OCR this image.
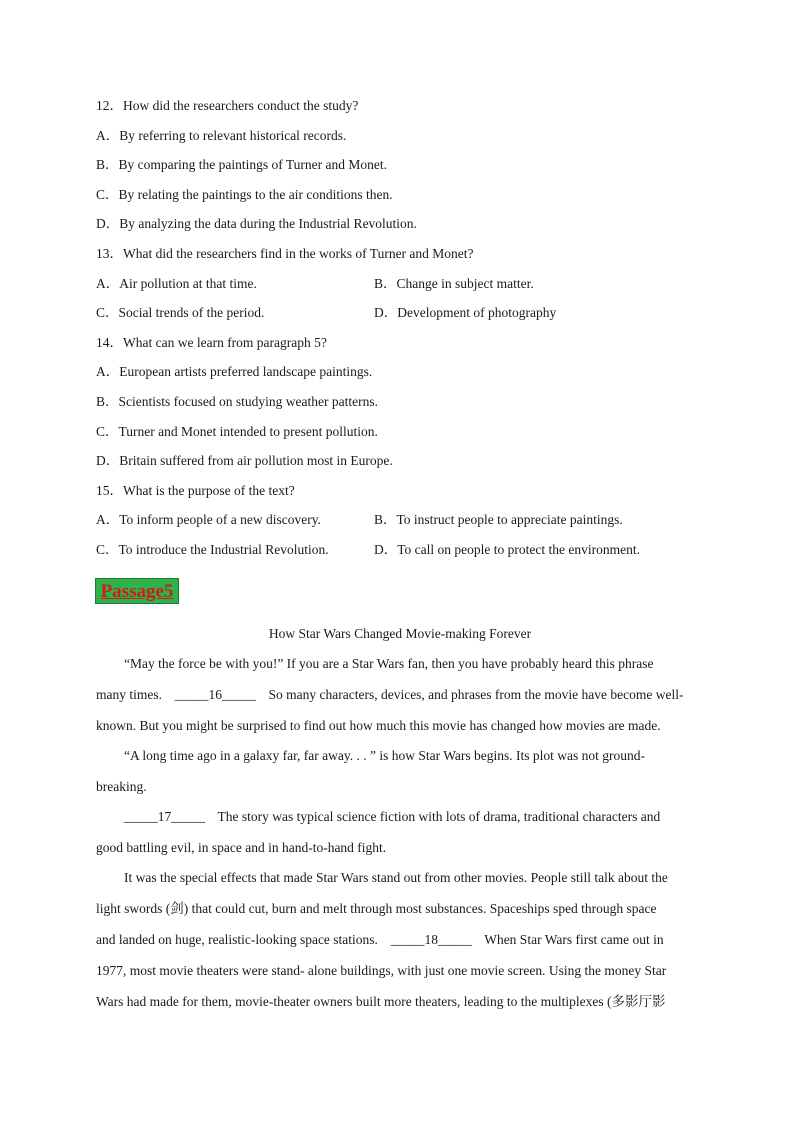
12．How did the researchers conduct the study?
A．By referring to relevant historical records.
B．By comparing the paintings of Turner and Monet.
C．By relating the paintings to the air conditions then.
D．By analyzing the data during the Industrial Revolution.
13．What did the researchers find in the works of Turner and Monet?
A．Air pollution at that time.	B．Change in subject matter.
C．Social trends of the period.	D．Development of photography
14．What can we learn from paragraph 5?
A．European artists preferred landscape paintings.
B．Scientists focused on studying weather patterns.
C．Turner and Monet intended to present pollution.
D．Britain suffered from air pollution most in Europe.
15．What is the purpose of the text?
A．To inform people of a new discovery.	B．To instruct people to appreciate paintings.
C．To introduce the Industrial Revolution.	D．To call on people to protect the environment.
Passage5
How Star Wars Changed Movie-making Forever
“May the force be with you!” If you are a Star Wars fan, then you have probably heard this phrase
many times. _____16_____ So many characters, devices, and phrases from the movie have become well-
known. But you might be surprised to find out how much this movie has changed how movies are made.
“A long time ago in a galaxy far, far away. . . ” is how Star Wars begins. Its plot was not ground-
breaking.
_____17_____ The story was typical science fiction with lots of drama, traditional characters and
good battling evil, in space and in hand-to-hand fight.
It was the special effects that made Star Wars stand out from other movies. People still talk about the
light swords (剑) that could cut, burn and melt through most substances. Spaceships sped through space
and landed on huge, realistic-looking space stations. _____18_____ When Star Wars first came out in
1977, most movie theaters were stand- alone buildings, with just one movie screen. Using the money Star
Wars had made for them, movie-theater owners built more theaters, leading to the multiplexes (多影厅影
